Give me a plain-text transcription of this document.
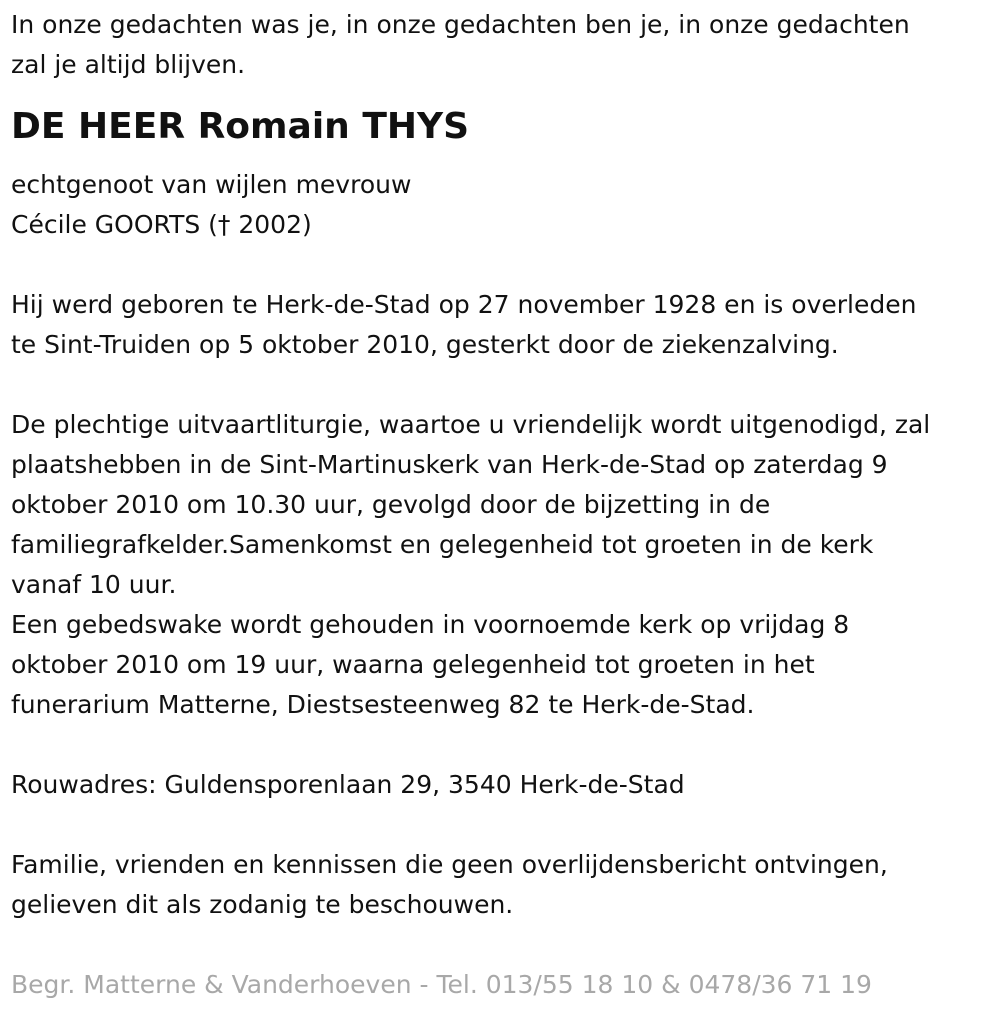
In onze gedachten was je, in onze gedachten ben je, in onze gedachten

zal je altijd blijven.

DE HEER Romain THYS

echtgenoot van wijlen mevrouw

Cécile GOORTS († 2002)

Hij werd geboren te Herk-de-Stad op 27 november 1928 en is overleden

te Sint-Truiden op 5 oktober 2010, gesterkt door de ziekenzalving.

De plechtige uitvaartliturgie, waartoe u vriendelijk wordt uitgenodigd, zal

plaatshebben in de Sint-Martinuskerk van Herk-de-Stad op zaterdag 9

oktober 2010 om 10.30 uur, gevolgd door de bijzetting in de

familiegrafkelder.Samenkomst en gelegenheid tot groeten in de kerk

vanaf 10 uur.

Een gebedswake wordt gehouden in voornoemde kerk op vrijdag 8

oktober 2010 om 19 uur, waarna gelegenheid tot groeten in het

funerarium Matterne, Diestsesteenweg 82 te Herk-de-Stad.

Rouwadres: Guldensporenlaan 29, 3540 Herk-de-Stad

Familie, vrienden en kennissen die geen overlijdensbericht ontvingen,

gelieven dit als zodanig te beschouwen.

Begr. Matterne & Vanderhoeven - Tel. 013/55 18 10 & 0478/36 71 19
